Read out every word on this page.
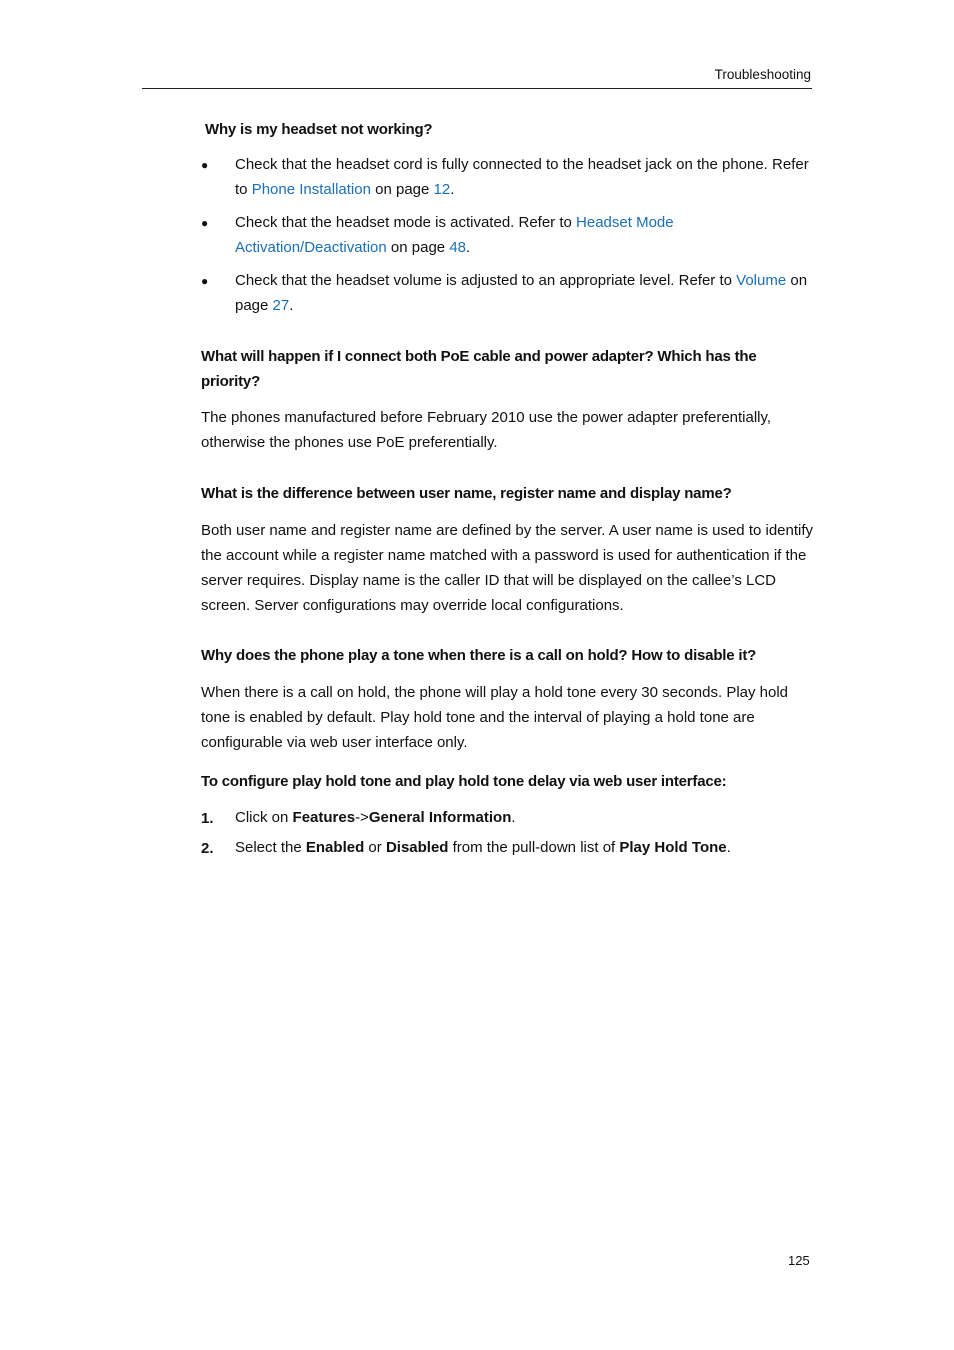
Troubleshooting
Why is my headset not working?
● Check that the headset cord is fully connected to the headset jack on the phone. Refer to Phone Installation on page 12.
● Check that the headset mode is activated. Refer to Headset Mode Activation/Deactivation on page 48.
● Check that the headset volume is adjusted to an appropriate level. Refer to Volume on page 27.
What will happen if I connect both PoE cable and power adapter? Which has the priority?
The phones manufactured before February 2010 use the power adapter preferentially, otherwise the phones use PoE preferentially.
What is the difference between user name, register name and display name?
Both user name and register name are defined by the server. A user name is used to identify the account while a register name matched with a password is used for authentication if the server requires. Display name is the caller ID that will be displayed on the callee’s LCD screen. Server configurations may override local configurations.
Why does the phone play a tone when there is a call on hold? How to disable it?
When there is a call on hold, the phone will play a hold tone every 30 seconds. Play hold tone is enabled by default. Play hold tone and the interval of playing a hold tone are configurable via web user interface only.
To configure play hold tone and play hold tone delay via web user interface:
1. Click on Features->General Information.
2. Select the Enabled or Disabled from the pull-down list of Play Hold Tone.
125
